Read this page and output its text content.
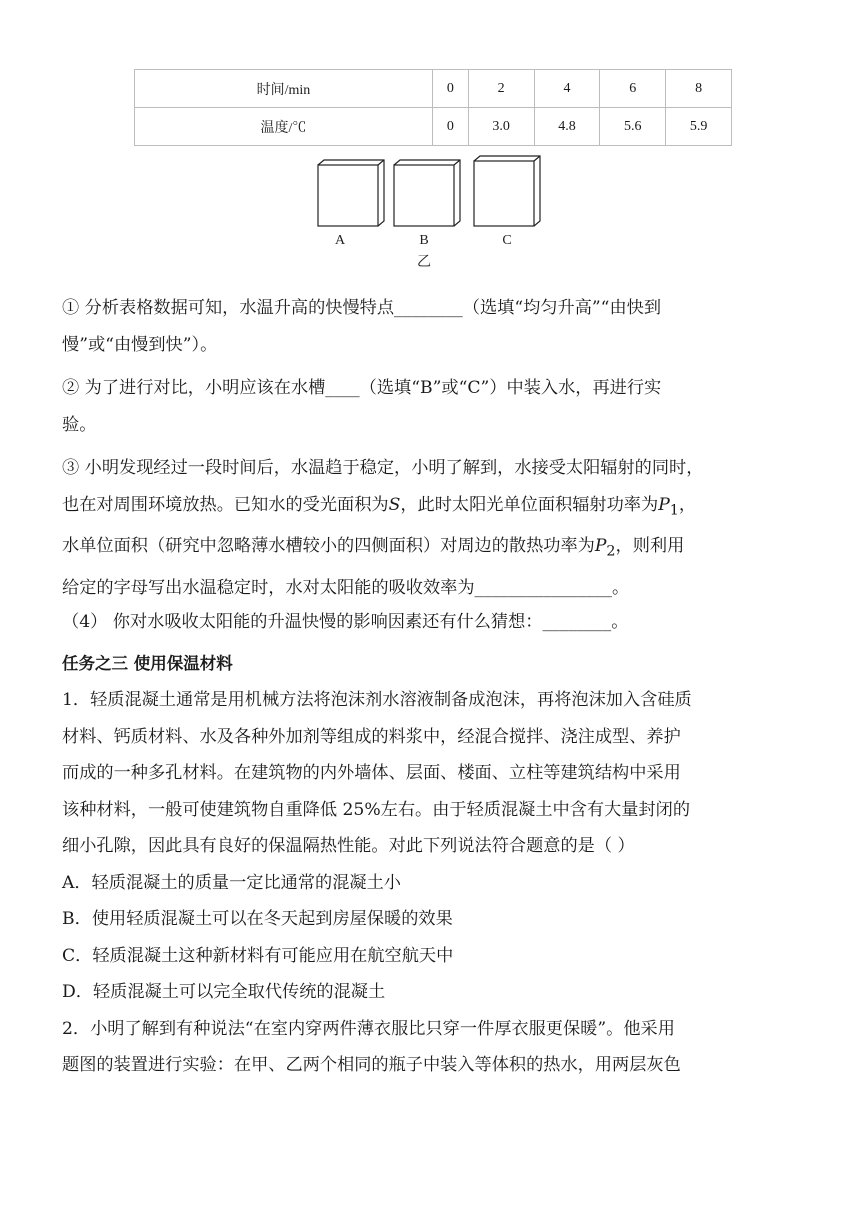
时间/min	0	2	4	6	8
温度/℃	0	3.0	4.8	5.6	5.9
A	B	C
乙
① 分析表格数据可知，水温升高的快慢特点________（选填“均匀升高”“由快到
慢”或“由慢到快”）。
② 为了进行对比，小明应该在水槽____（选填“B”或“C”）中装入水，再进行实
验。
③ 小明发现经过一段时间后，水温趋于稳定，小明了解到，水接受太阳辐射的同时，
也在对周围环境放热。已知水的受光面积为S，此时太阳光单位面积辐射功率为$P_1$，
水单位面积（研究中忽略薄水槽较小的四侧面积）对周边的散热功率为$P_2$，则利用
给定的字母写出水温稳定时，水对太阳能的吸收效率为________________。
（4） 你对水吸收太阳能的升温快慢的影响因素还有什么猜想：________。
任务之三 使用保温材料
1．轻质混凝土通常是用机械方法将泡沫剂水溶液制备成泡沫，再将泡沫加入含硅质
材料、钙质材料、水及各种外加剂等组成的料浆中，经混合搅拌、浇注成型、养护
而成的一种多孔材料。在建筑物的内外墙体、层面、楼面、立柱等建筑结构中采用
该种材料，一般可使建筑物自重降低 25%左右。由于轻质混凝土中含有大量封闭的
细小孔隙，因此具有良好的保温隔热性能。对此下列说法符合题意的是（ ）
A．轻质混凝土的质量一定比通常的混凝土小
B．使用轻质混凝土可以在冬天起到房屋保暖的效果
C．轻质混凝土这种新材料有可能应用在航空航天中
D．轻质混凝土可以完全取代传统的混凝土
2．小明了解到有种说法“在室内穿两件薄衣服比只穿一件厚衣服更保暖”。他采用
题图的装置进行实验：在甲、乙两个相同的瓶子中装入等体积的热水，用两层灰色
